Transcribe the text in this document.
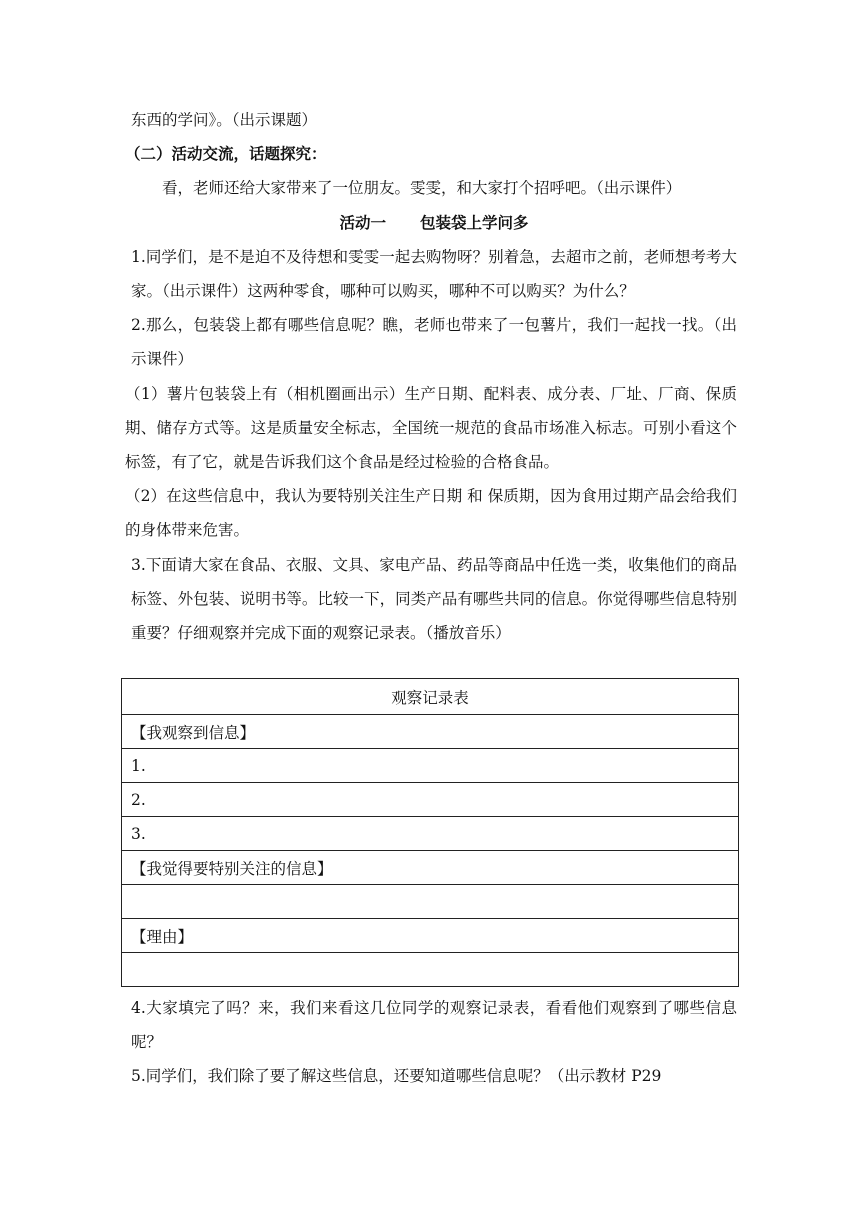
东西的学问》。（出示课题）

（二）活动交流，话题探究：

看，老师还给大家带来了一位朋友。雯雯，和大家打个招呼吧。（出示课件）

活动一 包装袋上学问多

1.同学们，是不是迫不及待想和雯雯一起去购物呀？别着急，去超市之前，老师想考考大家。（出示课件）这两种零食，哪种可以购买，哪种不可以购买？为什么？

2.那么，包装袋上都有哪些信息呢？瞧，老师也带来了一包薯片，我们一起找一找。（出示课件）

（1）薯片包装袋上有（相机圈画出示）生产日期、配料表、成分表、厂址、厂商、保质期、储存方式等。这是质量安全标志，全国统一规范的食品市场准入标志。可别小看这个标签，有了它，就是告诉我们这个食品是经过检验的合格食品。

（2）在这些信息中，我认为要特别关注生产日期 和 保质期，因为食用过期产品会给我们的身体带来危害。

3.下面请大家在食品、衣服、文具、家电产品、药品等商品中任选一类，收集他们的商品标签、外包装、说明书等。比较一下，同类产品有哪些共同的信息。你觉得哪些信息特别重要？仔细观察并完成下面的观察记录表。（播放音乐）

观察记录表
【我观察到信息】
1.
2.
3.
【我觉得要特别关注的信息】

【理由】

4.大家填完了吗？来，我们来看这几位同学的观察记录表，看看他们观察到了哪些信息呢？

5.同学们，我们除了要了解这些信息，还要知道哪些信息呢？（出示教材 P29
